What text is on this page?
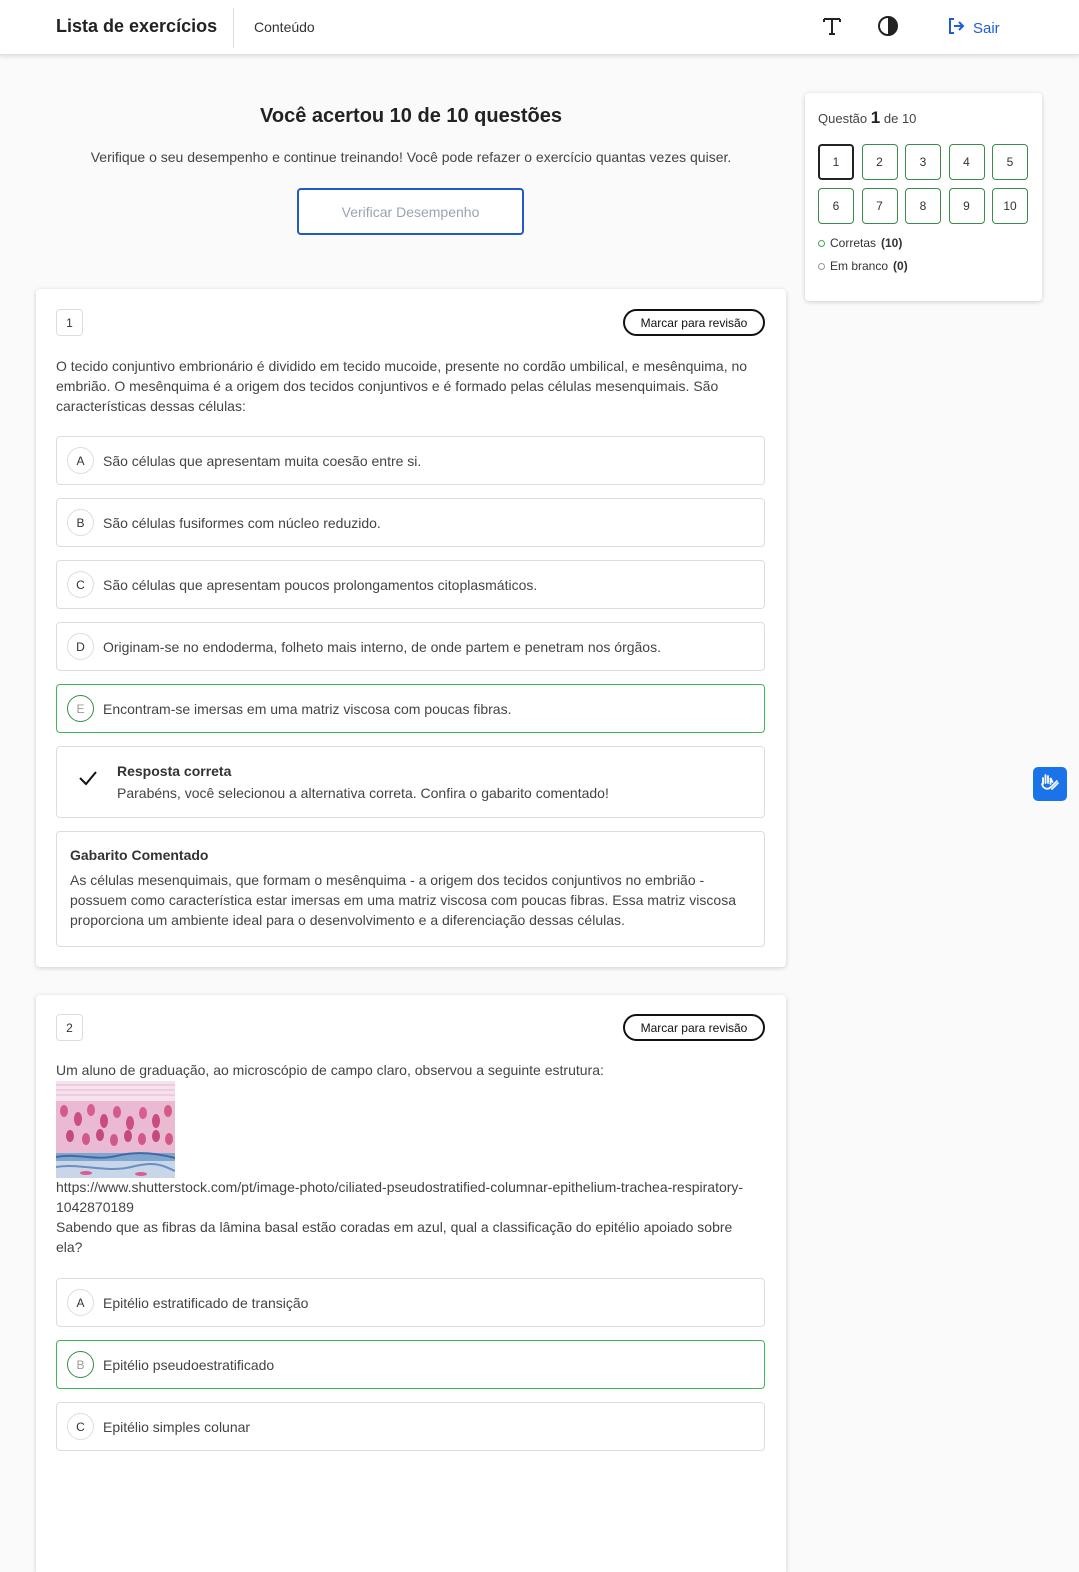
Lista de exercícios	Conteúdo	Sair
Você acertou 10 de 10 questões
Verifique o seu desempenho e continue treinando! Você pode refazer o exercício quantas vezes quiser.
Verificar Desempenho
Questão 1 de 10
1	2	3	4	5
6	7	8	9	10
Corretas (10)
Em branco (0)
1	Marcar para revisão
O tecido conjuntivo embrionário é dividido em tecido mucoide, presente no cordão umbilical, e mesênquima, no embrião. O mesênquima é a origem dos tecidos conjuntivos e é formado pelas células mesenquimais. São características dessas células:
A	São células que apresentam muita coesão entre si.
B	São células fusiformes com núcleo reduzido.
C	São células que apresentam poucos prolongamentos citoplasmáticos.
D	Originam-se no endoderma, folheto mais interno, de onde partem e penetram nos órgãos.
E	Encontram-se imersas em uma matriz viscosa com poucas fibras.
Resposta correta
Parabéns, você selecionou a alternativa correta. Confira o gabarito comentado!
Gabarito Comentado
As células mesenquimais, que formam o mesênquima - a origem dos tecidos conjuntivos no embrião - possuem como característica estar imersas em uma matriz viscosa com poucas fibras. Essa matriz viscosa proporciona um ambiente ideal para o desenvolvimento e a diferenciação dessas células.
2	Marcar para revisão
Um aluno de graduação, ao microscópio de campo claro, observou a seguinte estrutura:
https://www.shutterstock.com/pt/image-photo/ciliated-pseudostratified-columnar-epithelium-trachea-respiratory-1042870189
Sabendo que as fibras da lâmina basal estão coradas em azul, qual a classificação do epitélio apoiado sobre ela?
A	Epitélio estratificado de transição
B	Epitélio pseudoestratificado
C	Epitélio simples colunar
